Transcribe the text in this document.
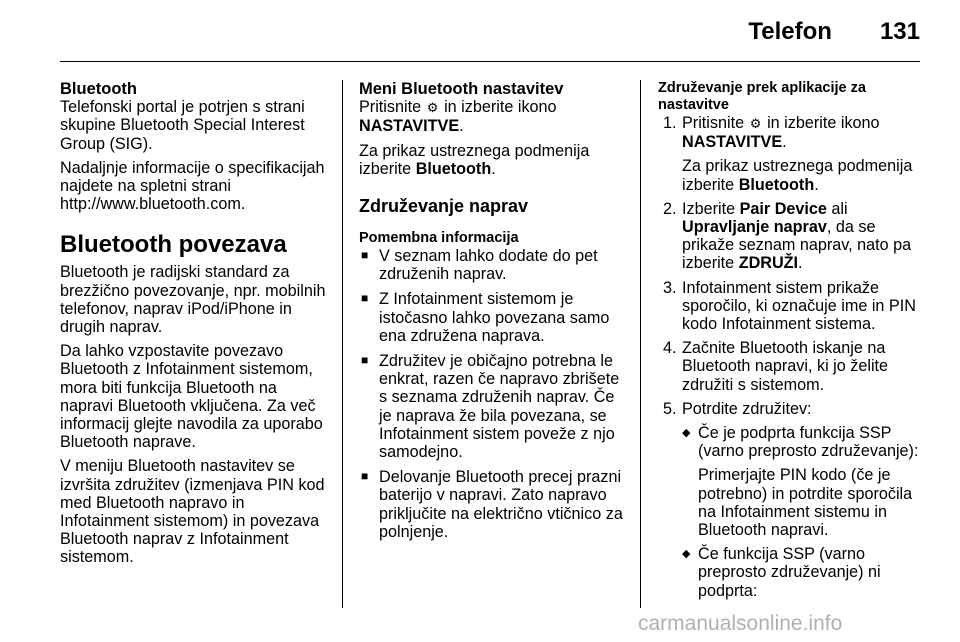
Telefon 131
Bluetooth

Telefonski portal je potrjen s strani skupine Bluetooth Special Interest Group (SIG).

Nadaljnje informacije o specifikacijah najdete na spletni strani http://www.bluetooth.com.

Bluetooth povezava

Bluetooth je radijski standard za brezžično povezovanje, npr. mobilnih telefonov, naprav iPod/iPhone in drugih naprav.

Da lahko vzpostavite povezavo Bluetooth z Infotainment sistemom, mora biti funkcija Bluetooth na napravi Bluetooth vključena. Za več informacij glejte navodila za uporabo Bluetooth naprave.

V meniju Bluetooth nastavitev se izvršita združitev (izmenjava PIN kod med Bluetooth napravo in Infotainment sistemom) in povezava Bluetooth naprav z Infotainment sistemom.

Meni Bluetooth nastavitev

Pritisnite ⚙ in izberite ikono
NASTAVITVE.

Za prikaz ustreznega podmenija izberite Bluetooth.

Združevanje naprav
Pomembna informacija
■ V seznam lahko dodate do pet združenih naprav.
■ Z Infotainment sistemom je istočasno lahko povezana samo ena združena naprava.
■ Združitev je običajno potrebna le enkrat, razen če napravo zbrišete s seznama združenih naprav. Če je naprava že bila povezana, se Infotainment sistem poveže z njo samodejno.
■ Delovanje Bluetooth precej prazni baterijo v napravi. Zato napravo priključite na električno vtičnico za polnjenje.
Združevanje prek aplikacije za nastavitve
1. Pritisnite ⚙ in izberite ikono
NASTAVITVE.
Za prikaz ustreznega podmenija izberite Bluetooth.
2. Izberite Pair Device ali Upravljanje naprav, da se prikaže seznam naprav, nato pa izberite ZDRUŽI.
3. Infotainment sistem prikaže sporočilo, ki označuje ime in PIN kodo Infotainment sistema.
4. Začnite Bluetooth iskanje na Bluetooth napravi, ki jo želite združiti s sistemom.
5. Potrdite združitev:
◆ Če je podprta funkcija SSP (varno preprosto združevanje):
Primerjajte PIN kodo (če je potrebno) in potrdite sporočila na Infotainment sistemu in Bluetooth napravi.
◆ Če funkcija SSP (varno preprosto združevanje) ni podprta:
carmanualsonline.info
